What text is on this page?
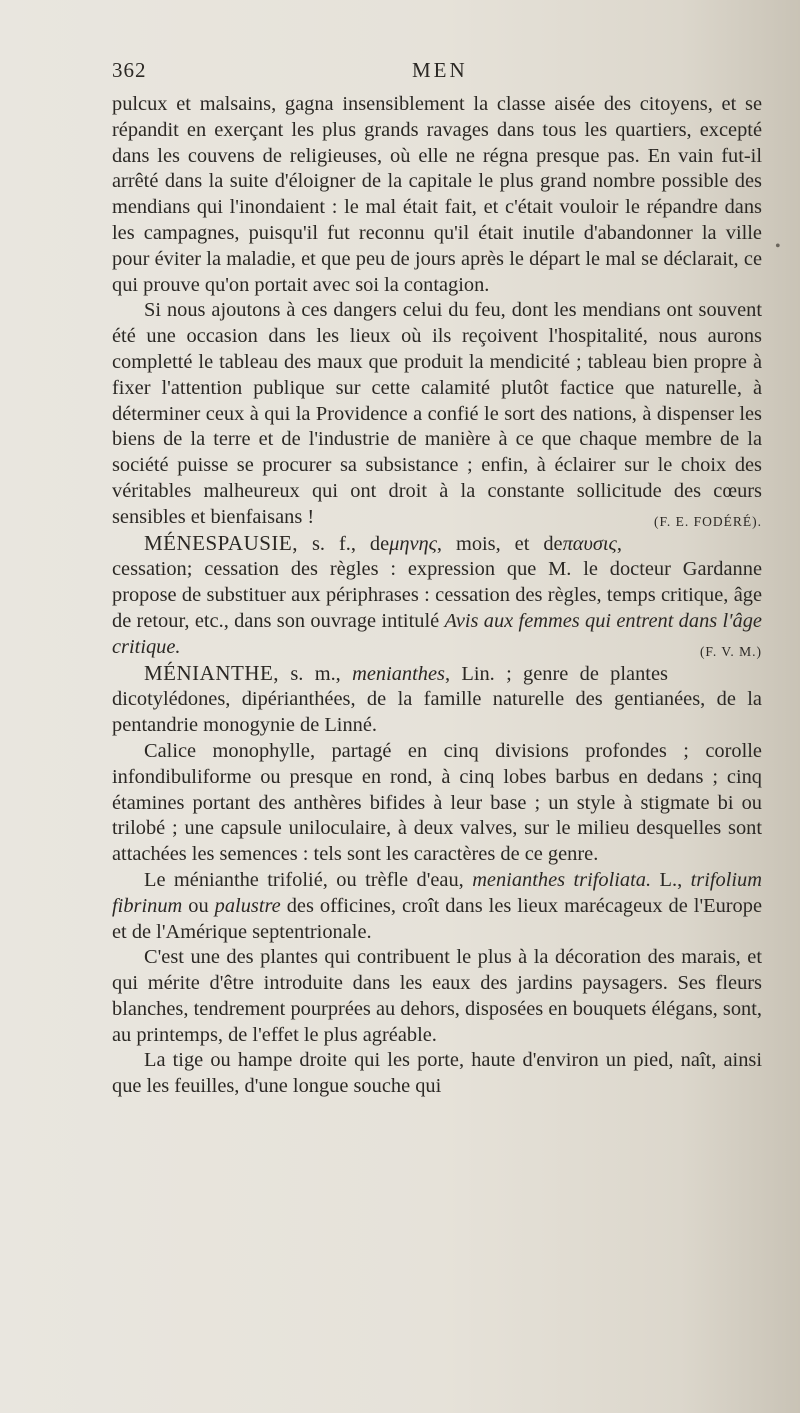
362	MEN

pulcux et malsains, gagna insensiblement la classe aisée des citoyens, et se répandit en exerçant les plus grands ravages dans tous les quartiers, excepté dans les couvens de religieuses, où elle ne régna presque pas. En vain fut-il arrêté dans la suite d'éloigner de la capitale le plus grand nombre possible des mendians qui l'inondaient : le mal était fait, et c'était vouloir le répandre dans les campagnes, puisqu'il fut reconnu qu'il était inutile d'abandonner la ville pour éviter la maladie, et que peu de jours après le départ le mal se déclarait, ce qui prouve qu'on portait avec soi la contagion.

Si nous ajoutons à ces dangers celui du feu, dont les mendians ont souvent été une occasion dans les lieux où ils reçoivent l'hospitalité, nous aurons completté le tableau des maux que produit la mendicité ; tableau bien propre à fixer l'attention publique sur cette calamité plutôt factice que naturelle, à déterminer ceux à qui la Providence a confié le sort des nations, à dispenser les biens de la terre et de l'industrie de manière à ce que chaque membre de la société puisse se procurer sa subsistance ; enfin, à éclairer sur le choix des véritables malheureux qui ont droit à la constante sollicitude des cœurs sensibles et bienfaisans !	(F. E. FODÉRÉ).

MÉNESPAUSIE, s. f., deμηνης, mois, et deπαυσις, cessation; cessation des règles : expression que M. le docteur Gardanne propose de substituer aux périphrases : cessation des règles, temps critique, âge de retour, etc., dans son ouvrage intitulé Avis aux femmes qui entrent dans l'âge critique.	(F. V. M.)

MÉNIANTHE, s. m., menianthes, Lin. ; genre de plantes dicotylédones, dipérianthées, de la famille naturelle des gentianées, de la pentandrie monogynie de Linné.

Calice monophylle, partagé en cinq divisions profondes ; corolle infondibuliforme ou presque en rond, à cinq lobes barbus en dedans ; cinq étamines portant des anthères bifides à leur base ; un style à stigmate bi ou trilobé ; une capsule uniloculaire, à deux valves, sur le milieu desquelles sont attachées les semences : tels sont les caractères de ce genre.

Le ménianthe trifolié, ou trèfle d'eau, menianthes trifoliata. L., trifolium fibrinum ou palustre des officines, croît dans les lieux marécageux de l'Europe et de l'Amérique septentrionale.

C'est une des plantes qui contribuent le plus à la décoration des marais, et qui mérite d'être introduite dans les eaux des jardins paysagers. Ses fleurs blanches, tendrement pourprées au dehors, disposées en bouquets élégans, sont, au printemps, de l'effet le plus agréable.

La tige ou hampe droite qui les porte, haute d'environ un pied, naît, ainsi que les feuilles, d'une longue souche qui

•
